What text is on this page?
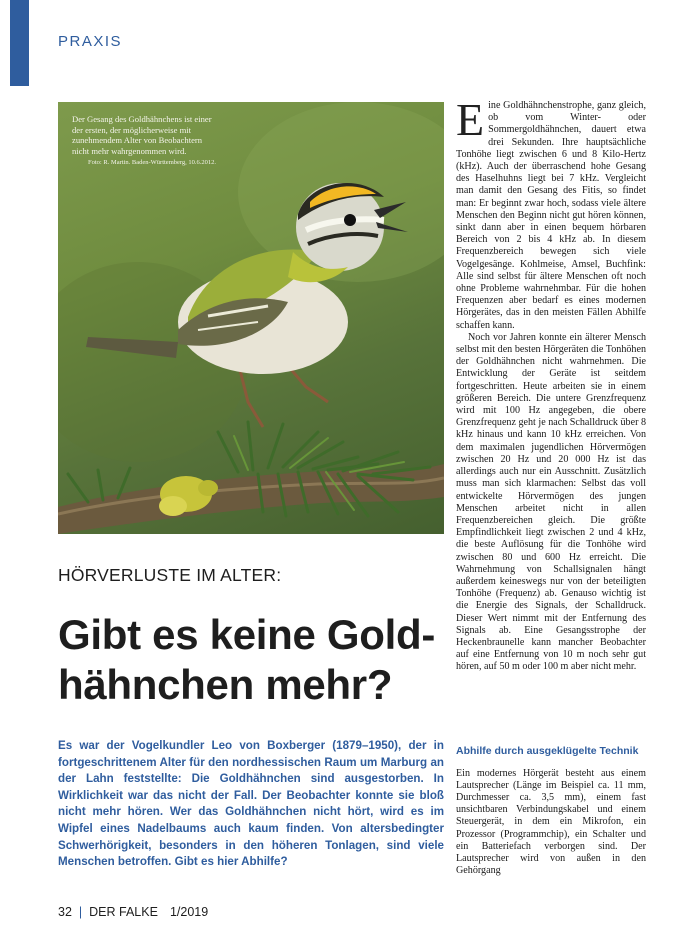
PRAXIS
Der Gesang des Goldhähnchens ist einer der ersten, der möglicherweise mit zunehmendem Alter von Beobachtern nicht mehr wahrgenommen wird.
Foto: R. Martin. Baden-Württemberg, 10.6.2012.

Eine Goldhähnchenstrophe, ganz gleich, ob vom Winter- oder Sommergoldhähnchen, dauert etwa drei Sekunden. Ihre hauptsächliche Tonhöhe liegt zwischen 6 und 8 Kilo-Hertz (kHz). Auch der überraschend hohe Gesang des Haselhuhns liegt bei 7 kHz. Vergleicht man damit den Gesang des Fitis, so findet man: Er beginnt zwar hoch, sodass viele ältere Menschen den Beginn nicht gut hören können, sinkt dann aber in einen bequem hörbaren Bereich von 2 bis 4 kHz ab. In diesem Frequenzbereich bewegen sich viele Vogelgesänge. Kohlmeise, Amsel, Buchfink: Alle sind selbst für ältere Menschen oft noch ohne Probleme wahrnehmbar. Für die hohen Frequenzen aber bedarf es eines modernen Hörgerätes, das in den meisten Fällen Abhilfe schaffen kann.

Noch vor Jahren konnte ein älterer Mensch selbst mit den besten Hörgeräten die Tonhöhen der Goldhähnchen nicht wahrnehmen. Die Entwicklung der Geräte ist seitdem fortgeschritten. Heute arbeiten sie in einem größeren Bereich. Die untere Grenzfrequenz wird mit 100 Hz angegeben, die obere Grenzfrequenz geht je nach Schalldruck über 8 kHz hinaus und kann 10 kHz erreichen. Von dem maximalen jugendlichen Hörvermögen zwischen 20 Hz und 20 000 Hz ist das allerdings auch nur ein Ausschnitt. Zusätzlich muss man sich klarmachen: Selbst das voll entwickelte Hörvermögen des jungen Menschen arbeitet nicht in allen Frequenzbereichen gleich. Die größte Empfindlichkeit liegt zwischen 2 und 4 kHz, die beste Auflösung für die Tonhöhe wird zwischen 80 und 600 Hz erreicht. Die Wahrnehmung von Schallsignalen hängt außerdem keineswegs nur von der beteiligten Tonhöhe (Frequenz) ab. Genauso wichtig ist die Energie des Signals, der Schalldruck. Dieser Wert nimmt mit der Entfernung des Signals ab. Eine Gesangsstrophe der Heckenbraunelle kann mancher Beobachter auf eine Entfernung von 10 m noch sehr gut hören, auf 50 m oder 100 m aber nicht mehr.

Abhilfe durch ausgeklügelte Technik

Ein modernes Hörgerät besteht aus einem Lautsprecher (Länge im Beispiel ca. 11 mm, Durchmesser ca. 3,5 mm), einem fast unsichtbaren Verbindungskabel und einem Steuergerät, in dem ein Mikrofon, ein Prozessor (Programmchip), ein Schalter und ein Batteriefach verborgen sind. Der Lautsprecher wird von außen in den Gehörgang

HÖRVERLUSTE IM ALTER:
Gibt es keine Gold-
hähnchen mehr?

Es war der Vogelkundler Leo von Boxberger (1879–1950), der in fortgeschrittenem Alter für den nordhessischen Raum um Marburg an der Lahn feststellte: Die Goldhähnchen sind ausgestorben. In Wirklichkeit war das nicht der Fall. Der Beobachter konnte sie bloß nicht mehr hören. Wer das Goldhähnchen nicht hört, wird es im Wipfel eines Nadelbaums auch kaum finden. Von altersbedingter Schwerhörigkeit, besonders in den höheren Tonlagen, sind viele Menschen betroffen. Gibt es hier Abhilfe?

32 | DER FALKE 1/2019
